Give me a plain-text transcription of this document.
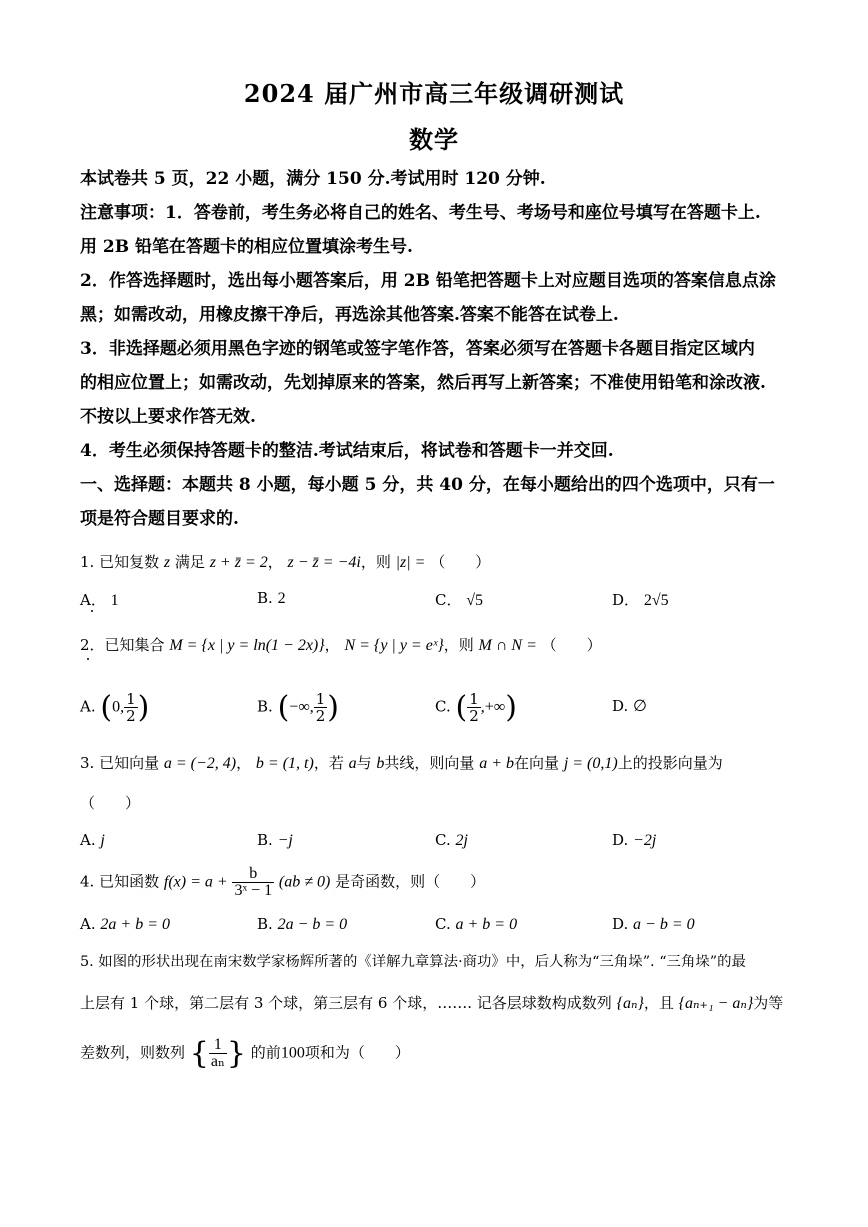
2024 届广州市高三年级调研测试
数学
本试卷共 5 页，22 小题，满分 150 分.考试用时 120 分钟.
注意事项：1．答卷前，考生务必将自己的姓名、考生号、考场号和座位号填写在答题卡上.
用 2B 铅笔在答题卡的相应位置填涂考生号.
2．作答选择题时，选出每小题答案后，用 2B 铅笔把答题卡上对应题目选项的答案信息点涂
黑；如需改动，用橡皮擦干净后，再选涂其他答案.答案不能答在试卷上.
3．非选择题必须用黑色字迹的钢笔或签字笔作答，答案必须写在答题卡各题目指定区域内
的相应位置上；如需改动，先划掉原来的答案，然后再写上新答案；不准使用铅笔和涂改液.
不按以上要求作答无效.
4．考生必须保持答题卡的整洁.考试结束后，将试卷和答题卡一并交回.
一、选择题：本题共 8 小题，每小题 5 分，共 40 分，在每小题给出的四个选项中，只有一
项是符合题目要求的.
1. 已知复数 z 满足 z + z̄ = 2， z − z̄ = −4i，则 |z| = （　　）
A． 1	B. 2	C． √5	D． 2√5
2．已知集合 M = {x | y = ln(1 − 2x)}， N = {y | y = eˣ}，则 M ∩ N = （　　）
A. (0, $\frac{1}{2}$ )	B. (−∞, $\frac{1}{2}$ )	C. ( $\frac{1}{2}$ ,+∞)	D. ∅
3. 已知向量 a = (−2, 4)， b = (1, t)，若 a与 b共线，则向量 a + b在向量 j = (0,1)上的投影向量为
（　　）
A. j	B. −j	C. 2j	D. −2j
4. 已知函数 $f(x) = a + \frac{b}{\text{3ˣ − 1}} (ab \ne 0)$ 是奇函数，则（　　）
A. 2a + b = 0	B. 2a − b = 0	C. a + b = 0	D. a − b = 0
5. 如图的形状出现在南宋数学家杨辉所著的《详解九章算法·商功》中，后人称为“三角垛”. “三角垛”的最
上层有 1 个球，第二层有 3 个球，第三层有 6 个球，……. 记各层球数构成数列 {aₙ}，且 {aₙ₊₁ − aₙ}为等
差数列，则数列 { $\frac{1}{\text{aₙ}}$ } 的前100项和为（　　）
